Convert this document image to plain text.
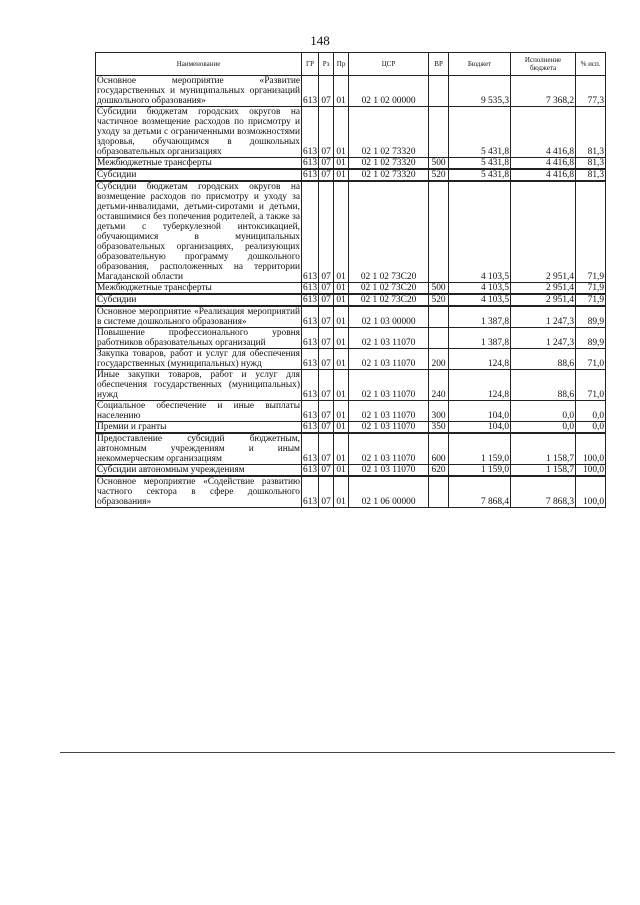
148
Наименование	ГР	Рз	Пр	ЦСР	ВР	Бюджет	Исполнение бюджета	% исп.
Основное мероприятие «Развитие государственных и муниципальных организаций дошкольного образования»	613	07	01	02 1 02 00000		9 535,3	7 368,2	77,3
Субсидии бюджетам городских округов на частичное возмещение расходов по присмотру и уходу за детьми с ограниченными возможностями здоровья, обучающимся в дошкольных образовательных организациях	613	07	01	02 1 02 73320		5 431,8	4 416,8	81,3
Межбюджетные трансферты	613	07	01	02 1 02 73320	500	5 431,8	4 416,8	81,3
Субсидии	613	07	01	02 1 02 73320	520	5 431,8	4 416,8	81,3
Субсидии бюджетам городских округов на возмещение расходов по присмотру и уходу за детьми-инвалидами, детьми-сиротами и детьми, оставшимися без попечения родителей, а также за детьми с туберкулезной интоксикацией, обучающимися в муниципальных образовательных организациях, реализующих образовательную программу дошкольного образования, расположенных на территории Магаданской области	613	07	01	02 1 02 73С20		4 103,5	2 951,4	71,9
Межбюджетные трансферты	613	07	01	02 1 02 73С20	500	4 103,5	2 951,4	71,9
Субсидии	613	07	01	02 1 02 73С20	520	4 103,5	2 951,4	71,9
Основное мероприятие «Реализация мероприятий в системе дошкольного образования»	613	07	01	02 1 03 00000		1 387,8	1 247,3	89,9
Повышение профессионального уровня работников образовательных организаций	613	07	01	02 1 03 11070		1 387,8	1 247,3	89,9
Закупка товаров, работ и услуг для обеспечения государственных (муниципальных) нужд	613	07	01	02 1 03 11070	200	124,8	88,6	71,0
Иные закупки товаров, работ и услуг для обеспечения государственных (муниципальных) нужд	613	07	01	02 1 03 11070	240	124,8	88,6	71,0
Социальное обеспечение и иные выплаты населению	613	07	01	02 1 03 11070	300	104,0	0,0	0,0
Премии и гранты	613	07	01	02 1 03 11070	350	104,0	0,0	0,0
Предоставление субсидий бюджетным, автономным учреждениям и иным некоммерческим организациям	613	07	01	02 1 03 11070	600	1 159,0	1 158,7	100,0
Субсидии автономным учреждениям	613	07	01	02 1 03 11070	620	1 159,0	1 158,7	100,0
Основное мероприятие «Содействие развитию частного сектора в сфере дошкольного образования»	613	07	01	02 1 06 00000		7 868,4	7 868,3	100,0
